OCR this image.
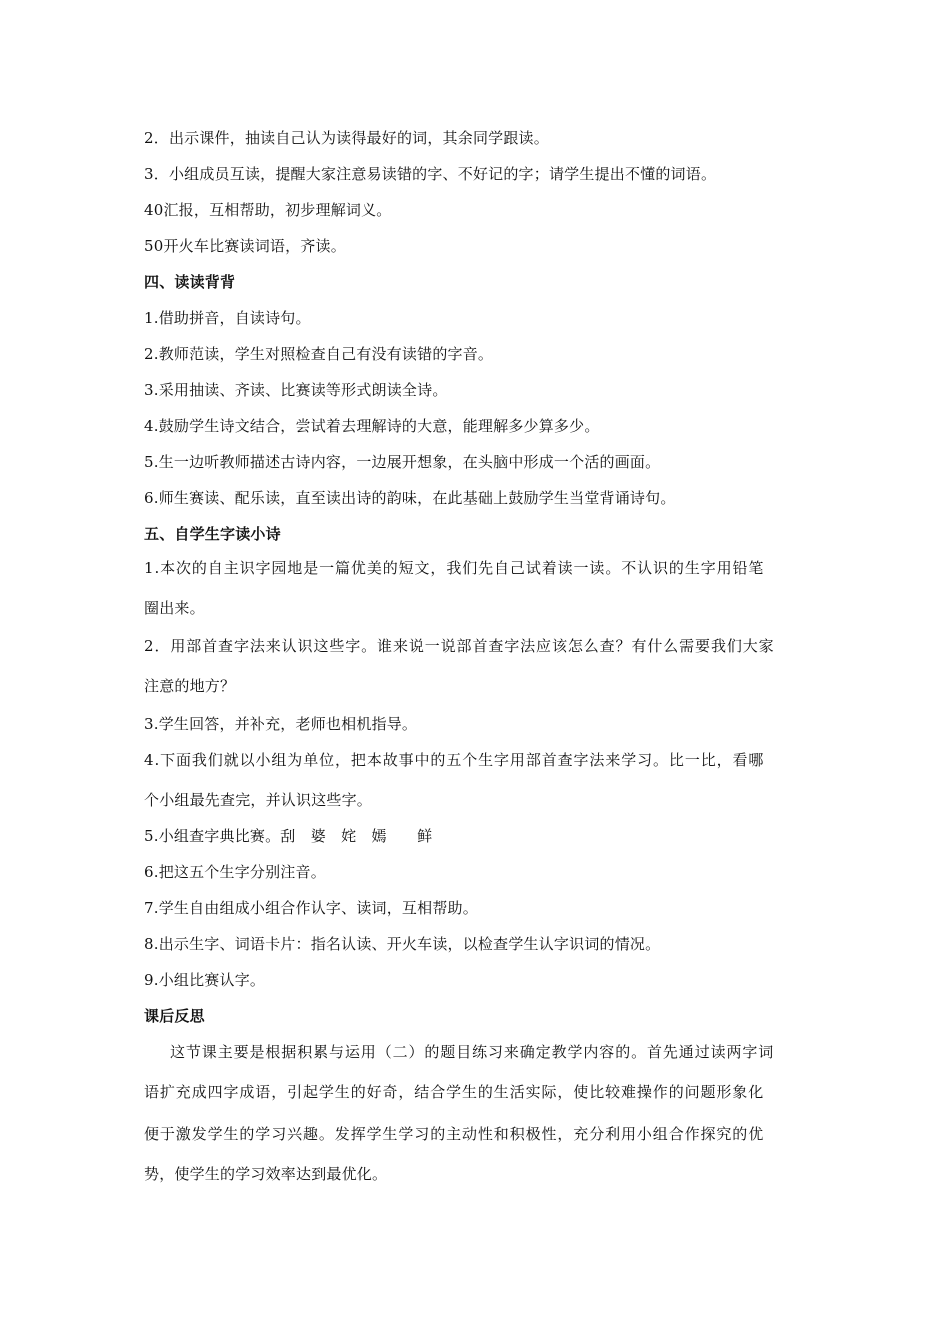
2．出示课件，抽读自己认为读得最好的词，其余同学跟读。
3．小组成员互读，提醒大家注意易读错的字、不好记的字；请学生提出不懂的词语。
40汇报，互相帮助，初步理解词义。
50开火车比赛读词语，齐读。
四、读读背背
1.借助拼音，自读诗句。
2.教师范读，学生对照检查自己有没有读错的字音。
3.采用抽读、齐读、比赛读等形式朗读全诗。
4.鼓励学生诗文结合，尝试着去理解诗的大意，能理解多少算多少。
5.生一边听教师描述古诗内容，一边展开想象，在头脑中形成一个活的画面。
6.师生赛读、配乐读，直至读出诗的韵味，在此基础上鼓励学生当堂背诵诗句。
五、自学生字读小诗
1.本次的自主识字园地是一篇优美的短文，我们先自己试着读一读。不认识的生字用铅笔
圈出来。
2．用部首查字法来认识这些字。谁来说一说部首查字法应该怎么查？有什么需要我们大家
注意的地方？
3.学生回答，并补充，老师也相机指导。
4.下面我们就以小组为单位，把本故事中的五个生字用部首查字法来学习。比一比，看哪
个小组最先查完，并认识这些字。
5.小组查字典比赛。刮　婆　姹　嫣　　鲜
6.把这五个生字分别注音。
7.学生自由组成小组合作认字、读词，互相帮助。
8.出示生字、词语卡片：指名认读、开火车读，以检查学生认字识词的情况。
9.小组比赛认字。
课后反思
这节课主要是根据积累与运用（二）的题目练习来确定教学内容的。首先通过读两字词
语扩充成四字成语，引起学生的好奇，结合学生的生活实际，使比较难操作的问题形象化
便于激发学生的学习兴趣。发挥学生学习的主动性和积极性，充分利用小组合作探究的优
势，使学生的学习效率达到最优化。
